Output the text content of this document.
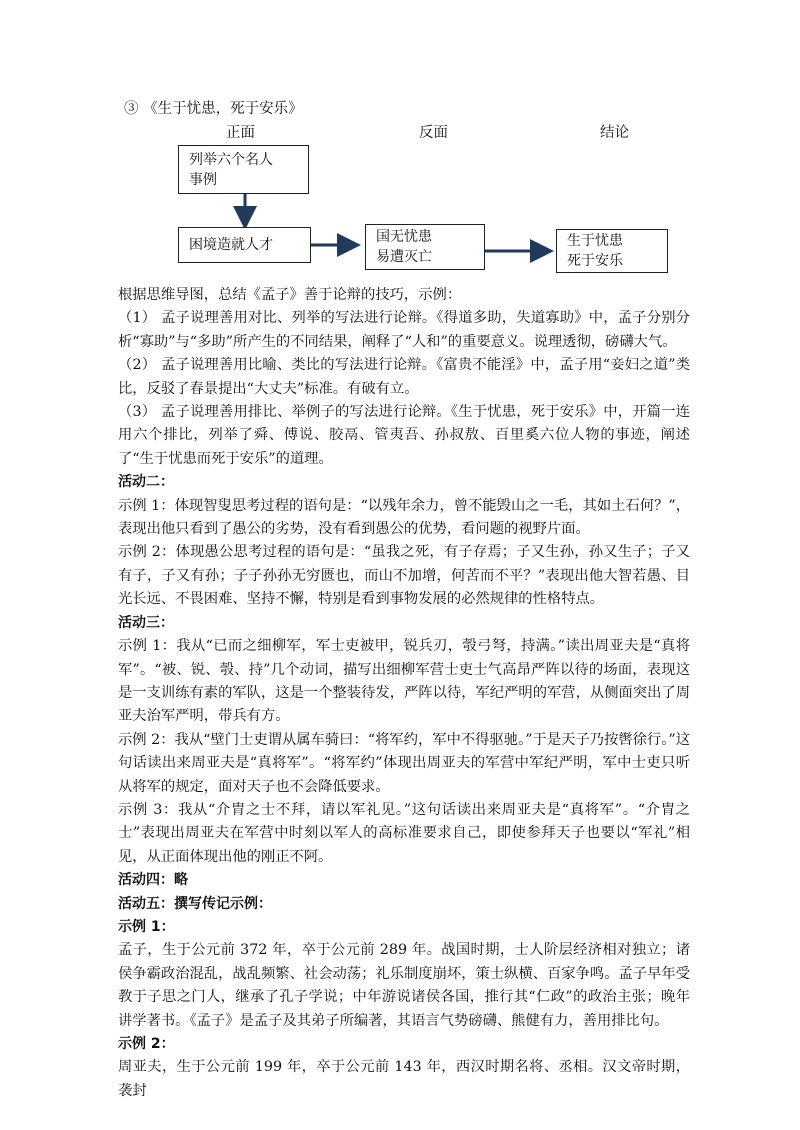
③ 《生于忧患，死于安乐》
正面	反面	结论
列举六个名人
事例
困境造就人才	国无忧患
易遭灭亡
生于忧患
死于安乐

根据思维导图，总结《孟子》善于论辩的技巧，示例：

（1） 孟子说理善用对比、列举的写法进行论辩。《得道多助，失道寡助》中，孟子分别分析“寡助”与“多助”所产生的不同结果，阐释了“人和”的重要意义。说理透彻，磅礴大气。

（2） 孟子说理善用比喻、类比的写法进行论辩。《富贵不能淫》中，孟子用“妾妇之道”类比，反驳了春景提出“大丈夫”标准。有破有立。

（3） 孟子说理善用排比、举例子的写法进行论辩。《生于忧患，死于安乐》中，开篇一连用六个排比，列举了舜、傅说、胶鬲、管夷吾、孙叔敖、百里奚六位人物的事迹，阐述了“生于忧患而死于安乐”的道理。

活动二：

示例 1：体现智叟思考过程的语句是：“以残年余力，曾不能毁山之一毛，其如土石何？”，表现出他只看到了愚公的劣势，没有看到愚公的优势，看问题的视野片面。

示例 2：体现愚公思考过程的语句是：“虽我之死，有子存焉；子又生孙，孙又生子；子又有子，子又有孙；子子孙孙无穷匮也，而山不加增，何苦而不平？”表现出他大智若愚、目光长远、不畏困难、坚持不懈，特别是看到事物发展的必然规律的性格特点。

活动三：

示例 1：我从“已而之细柳军，军士吏被甲，锐兵刃，彀弓弩，持满。”读出周亚夫是“真将军”。“被、锐、彀、持”几个动词，描写出细柳军营士吏士气高昂严阵以待的场面，表现这是一支训练有素的军队，这是一个整装待发，严阵以待，军纪严明的军营，从侧面突出了周亚夫治军严明，带兵有方。

示例 2：我从“壁门士吏谓从属车骑曰：“将军约，军中不得驱驰。”于是天子乃按辔徐行。”这句话读出来周亚夫是“真将军”。“将军约”体现出周亚夫的军营中军纪严明，军中士吏只听从将军的规定，面对天子也不会降低要求。

示例 3：我从“介胄之士不拜，请以军礼见。”这句话读出来周亚夫是“真将军”。“介胄之士”表现出周亚夫在军营中时刻以军人的高标准要求自己，即使参拜天子也要以“军礼”相见，从正面体现出他的刚正不阿。

活动四：略

活动五：撰写传记示例：

示例 1：

孟子，生于公元前 372 年，卒于公元前 289 年。战国时期，士人阶层经济相对独立；诸侯争霸政治混乱，战乱频繁、社会动荡；礼乐制度崩坏，策士纵横、百家争鸣。孟子早年受教于子思之门人，继承了孔子学说；中年游说诸侯各国，推行其“仁政”的政治主张；晚年讲学著书。《孟子》是孟子及其弟子所编著，其语言气势磅礴、熊健有力，善用排比句。

示例 2：

周亚夫，生于公元前 199 年，卒于公元前 143 年，西汉时期名将、丞相。汉文帝时期，袭封
